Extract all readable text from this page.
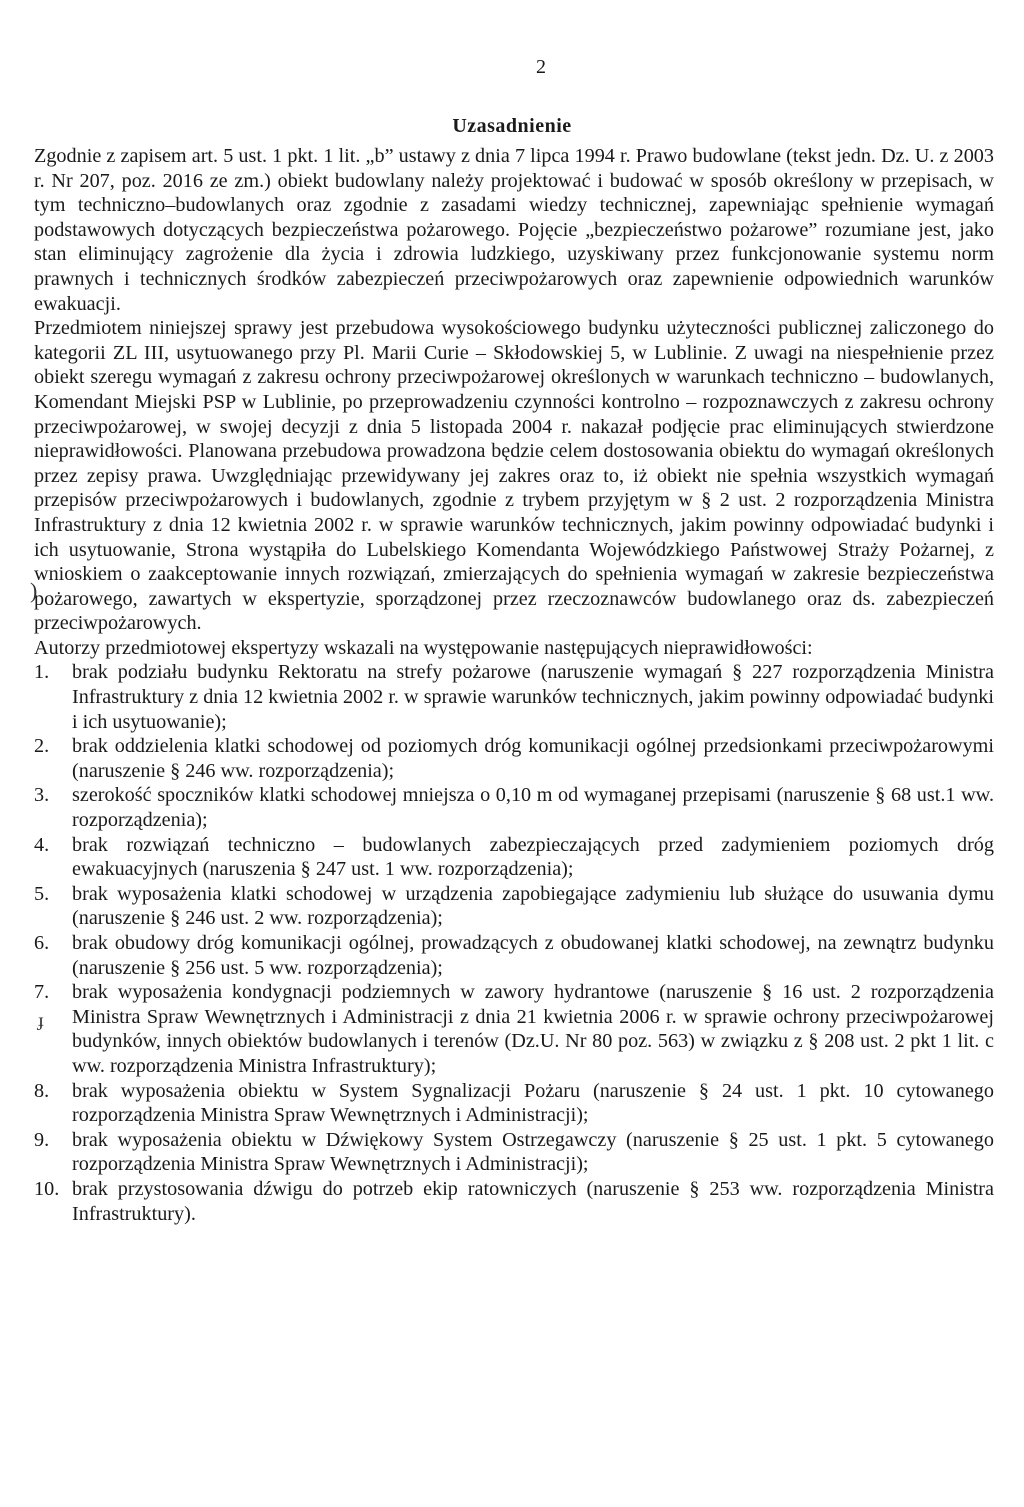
2
Uzasadnienie

Zgodnie z zapisem art. 5 ust. 1 pkt. 1 lit. „b” ustawy z dnia 7 lipca 1994 r. Prawo budowlane (tekst jedn. Dz. U. z 2003 r. Nr 207, poz. 2016 ze zm.) obiekt budowlany należy projektować i budować w sposób określony w przepisach, w tym techniczno–budowlanych oraz zgodnie z zasadami wiedzy technicznej, zapewniając spełnienie wymagań podstawowych dotyczących bezpieczeństwa pożarowego. Pojęcie „bezpieczeństwo pożarowe” rozumiane jest, jako stan eliminujący zagrożenie dla życia i zdrowia ludzkiego, uzyskiwany przez funkcjonowanie systemu norm prawnych i technicznych środków zabezpieczeń przeciwpożarowych oraz zapewnienie odpowiednich warunków ewakuacji.

Przedmiotem niniejszej sprawy jest przebudowa wysokościowego budynku użyteczności publicznej zaliczonego do kategorii ZL III, usytuowanego przy Pl. Marii Curie – Skłodowskiej 5, w Lublinie. Z uwagi na niespełnienie przez obiekt szeregu wymagań z zakresu ochrony przeciwpożarowej określonych w warunkach techniczno – budowlanych, Komendant Miejski PSP w Lublinie, po przeprowadzeniu czynności kontrolno – rozpoznawczych z zakresu ochrony przeciwpożarowej, w swojej decyzji z dnia 5 listopada 2004 r. nakazał podjęcie prac eliminujących stwierdzone nieprawidłowości. Planowana przebudowa prowadzona będzie celem dostosowania obiektu do wymagań określonych przez zepisy prawa. Uwzględniając przewidywany jej zakres oraz to, iż obiekt nie spełnia wszystkich wymagań przepisów przeciwpożarowych i budowlanych, zgodnie z trybem przyjętym w § 2 ust. 2 rozporządzenia Ministra Infrastruktury z dnia 12 kwietnia 2002 r. w sprawie warunków technicznych, jakim powinny odpowiadać budynki i ich usytuowanie, Strona wystąpiła do Lubelskiego Komendanta Wojewódzkiego Państwowej Straży Pożarnej, z wnioskiem o zaakceptowanie innych rozwiązań, zmierzających do spełnienia wymagań w zakresie bezpieczeństwa pożarowego, zawartych w ekspertyzie, sporządzonej przez rzeczoznawców budowlanego oraz ds. zabezpieczeń przeciwpożarowych.

Autorzy przedmiotowej ekspertyzy wskazali na występowanie następujących nieprawidłowości:

1.	brak podziału budynku Rektoratu na strefy pożarowe (naruszenie wymagań § 227 rozporządzenia Ministra Infrastruktury z dnia 12 kwietnia 2002 r. w sprawie warunków technicznych, jakim powinny odpowiadać budynki i ich usytuowanie);
2.	brak oddzielenia klatki schodowej od poziomych dróg komunikacji ogólnej przedsionkami przeciwpożarowymi (naruszenie § 246 ww. rozporządzenia);
3.	szerokość spoczników klatki schodowej mniejsza o 0,10 m od wymaganej przepisami (naruszenie § 68 ust.1 ww. rozporządzenia);
4.	brak rozwiązań techniczno – budowlanych zabezpieczających przed zadymieniem poziomych dróg ewakuacyjnych (naruszenia § 247 ust. 1 ww. rozporządzenia);
5.	brak wyposażenia klatki schodowej w urządzenia zapobiegające zadymieniu lub służące do usuwania dymu (naruszenie § 246 ust. 2 ww. rozporządzenia);
6.	brak obudowy dróg komunikacji ogólnej, prowadzących z obudowanej klatki schodowej, na zewnątrz budynku (naruszenie § 256 ust. 5 ww. rozporządzenia);
7.	brak wyposażenia kondygnacji podziemnych w zawory hydrantowe (naruszenie § 16 ust. 2 rozporządzenia Ministra Spraw Wewnętrznych i Administracji z dnia 21 kwietnia 2006 r. w sprawie ochrony przeciwpożarowej budynków, innych obiektów budowlanych i terenów (Dz.U. Nr 80 poz. 563) w związku z § 208 ust. 2 pkt 1 lit. c ww. rozporządzenia Ministra Infrastruktury);
8.	brak wyposażenia obiektu w System Sygnalizacji Pożaru (naruszenie § 24 ust. 1 pkt. 10 cytowanego rozporządzenia Ministra Spraw Wewnętrznych i Administracji);
9.	brak wyposażenia obiektu w Dźwiękowy System Ostrzegawczy (naruszenie § 25 ust. 1 pkt. 5 cytowanego rozporządzenia Ministra Spraw Wewnętrznych i Administracji);
10. brak przystosowania dźwigu do potrzeb ekip ratowniczych (naruszenie § 253 ww. rozporządzenia Ministra Infrastruktury).
)
ɟ
